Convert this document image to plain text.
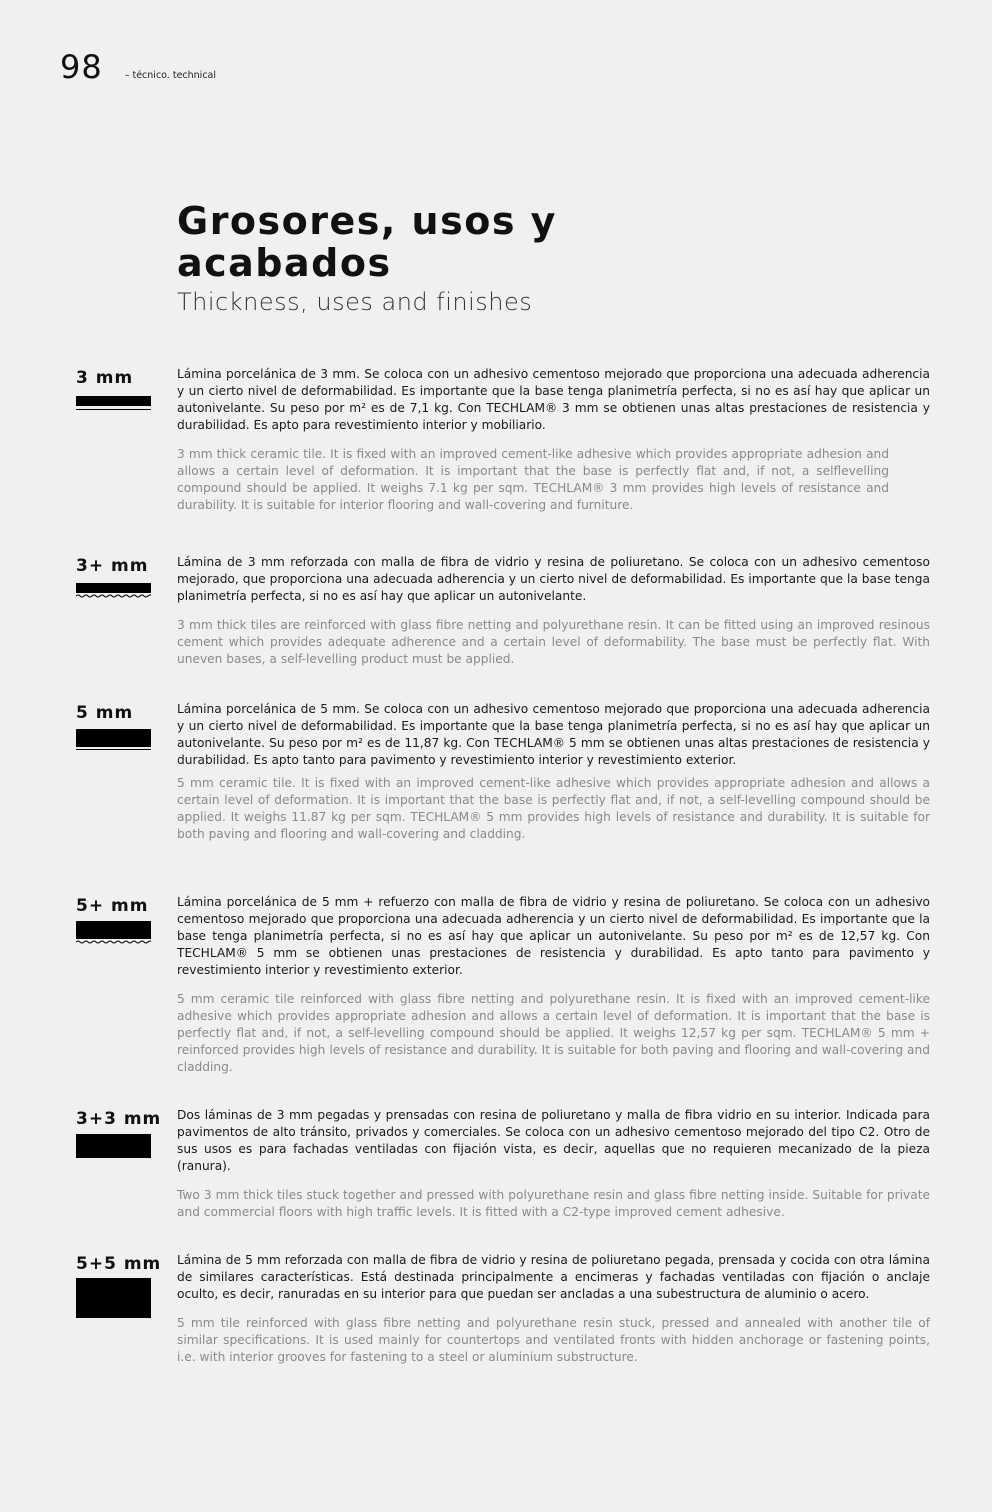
98 – técnico. technical
Grosores, usos y acabados
Thickness, uses and finishes
3 mm	Lámina porcelánica de 3 mm. Se coloca con un adhesivo cementoso mejorado que proporciona una adecuada adherencia y un cierto nivel de deformabilidad. Es importante que la base tenga planimetría perfecta, si no es así hay que aplicar un autonivelante. Su peso por m² es de 7,1 kg. Con TECHLAM® 3 mm se obtienen unas altas prestaciones de resistencia y durabilidad. Es apto para revestimiento interior y mobiliario.

3 mm thick ceramic tile. It is fixed with an improved cement-like adhesive which provides appropriate adhesion and allows a certain level of deformation. It is important that the base is perfectly flat and, if not, a selflevelling compound should be applied. It weighs 7.1 kg per sqm. TECHLAM® 3 mm provides high levels of resistance and durability. It is suitable for interior flooring and wall-covering and furniture.

3+ mm Lámina de 3 mm reforzada con malla de fibra de vidrio y resina de poliuretano. Se coloca con un adhesivo cementoso mejorado, que proporciona una adecuada adherencia y un cierto nivel de deformabilidad. Es importante que la base tenga planimetría perfecta, si no es así hay que aplicar un autonivelante.

3 mm thick tiles are reinforced with glass fibre netting and polyurethane resin. It can be fitted using an improved resinous cement which provides adequate adherence and a certain level of deformability. The base must be perfectly flat. With uneven bases, a self-levelling product must be applied.

5 mm	Lámina porcelánica de 5 mm. Se coloca con un adhesivo cementoso mejorado que proporciona una adecuada adherencia y un cierto nivel de deformabilidad. Es importante que la base tenga planimetría perfecta, si no es así hay que aplicar un autonivelante. Su peso por m² es de 11,87 kg. Con TECHLAM® 5 mm se obtienen unas altas prestaciones de resistencia y durabilidad. Es apto tanto para pavimento y revestimiento interior y revestimiento exterior.

5 mm ceramic tile. It is fixed with an improved cement-like adhesive which provides appropriate adhesion and allows a certain level of deformation. It is important that the base is perfectly flat and, if not, a self-levelling compound should be applied. It weighs 11.87 kg per sqm. TECHLAM® 5 mm provides high levels of resistance and durability. It is suitable for both paving and flooring and wall-covering and cladding.

5+ mm Lámina porcelánica de 5 mm + refuerzo con malla de fibra de vidrio y resina de poliuretano. Se coloca con un adhesivo cementoso mejorado que proporciona una adecuada adherencia y un cierto nivel de deformabilidad. Es importante que la base tenga planimetría perfecta, si no es así hay que aplicar un autonivelante. Su peso por m² es de 12,57 kg. Con TECHLAM® 5 mm se obtienen unas prestaciones de resistencia y durabilidad. Es apto tanto para pavimento y revestimiento interior y revestimiento exterior.

5 mm ceramic tile reinforced with glass fibre netting and polyurethane resin. It is fixed with an improved cement-like adhesive which provides appropriate adhesion and allows a certain level of deformation. It is important that the base is perfectly flat and, if not, a self-levelling compound should be applied. It weighs 12,57 kg per sqm. TECHLAM® 5 mm + reinforced provides high levels of resistance and durability. It is suitable for both paving and flooring and wall-covering and cladding.

3+3 mm Dos láminas de 3 mm pegadas y prensadas con resina de poliuretano y malla de fibra vidrio en su interior. Indicada para pavimentos de alto tránsito, privados y comerciales. Se coloca con un adhesivo cementoso mejorado del tipo C2. Otro de sus usos es para fachadas ventiladas con fijación vista, es decir, aquellas que no requieren mecanizado de la pieza (ranura).

Two 3 mm thick tiles stuck together and pressed with polyurethane resin and glass fibre netting inside. Suitable for private and commercial floors with high traffic levels. It is fitted with a C2-type improved cement adhesive.

5+5 mm Lámina de 5 mm reforzada con malla de fibra de vidrio y resina de poliuretano pegada, prensada y cocida con otra lámina de similares características. Está destinada principalmente a encimeras y fachadas ventiladas con fijación o anclaje oculto, es decir, ranuradas en su interior para que puedan ser ancladas a una subestructura de aluminio o acero.

5 mm tile reinforced with glass fibre netting and polyurethane resin stuck, pressed and annealed with another tile of similar specifications. It is used mainly for countertops and ventilated fronts with hidden anchorage or fastening points, i.e. with interior grooves for fastening to a steel or aluminium substructure.
